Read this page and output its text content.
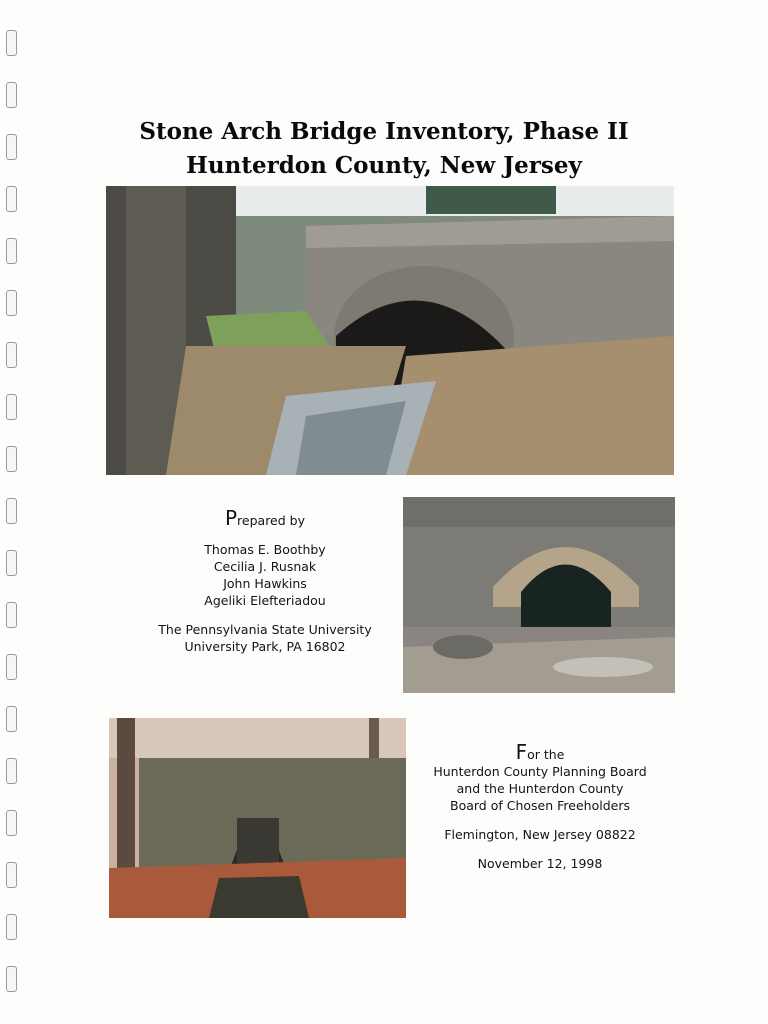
Stone Arch Bridge Inventory, Phase II
Hunterdon County, New Jersey
Prepared by
Thomas E. Boothby
Cecilia J. Rusnak
John Hawkins
Ageliki Elefteriadou
The Pennsylvania State University
University Park, PA 16802
For the
Hunterdon County Planning Board
and the Hunterdon County
Board of Chosen Freeholders
Flemington, New Jersey 08822
November 12, 1998
